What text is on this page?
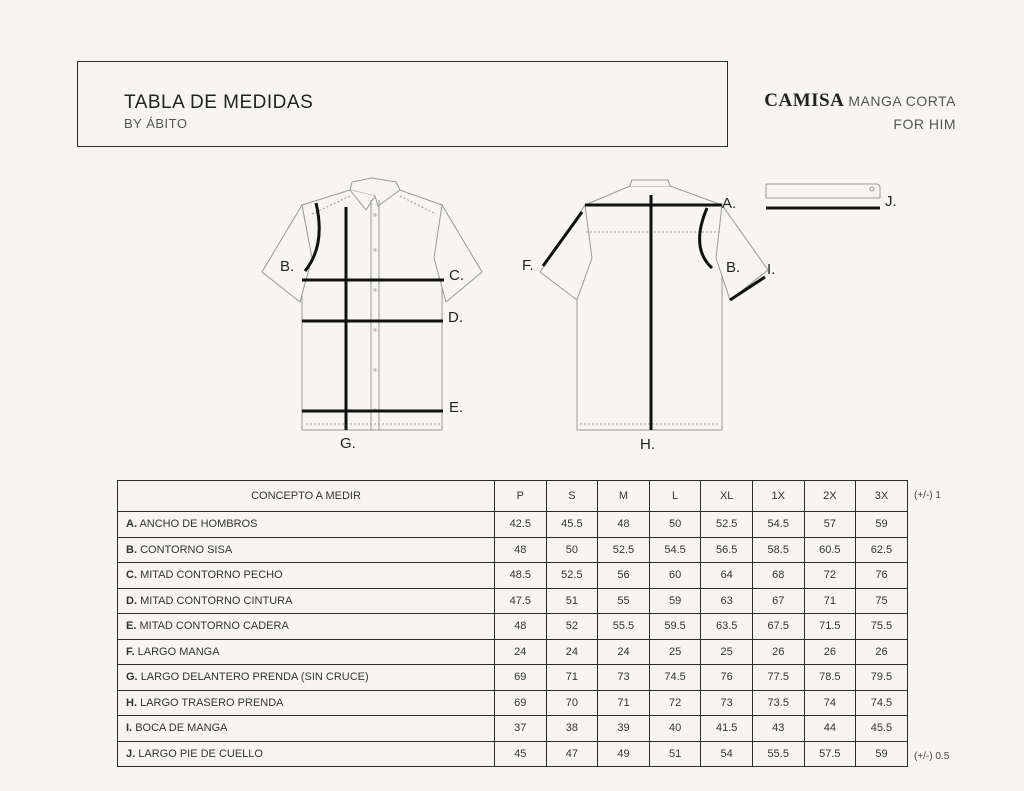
TABLA DE MEDIDAS
BY ÁBITO
CAMISA MANGA CORTA
FOR HIM
B.
C.
D.
E.
G.
A.
F.	B. I.
H.
J.
CONCEPTO A MEDIR	P	S	M	L	XL	1X	2X	3X
A. ANCHO DE HOMBROS	42.5	45.5	48	50	52.5	54.5	57	59
B. CONTORNO SISA	48	50	52.5	54.5	56.5	58.5	60.5	62.5
C. MITAD CONTORNO PECHO	48.5	52.5	56	60	64	68	72	76
D. MITAD CONTORNO CINTURA	47.5	51	55	59	63	67	71	75
E. MITAD CONTORNO CADERA	48	52	55.5	59.5	63.5	67.5	71.5	75.5
F. LARGO MANGA	24	24	24	25	25	26	26	26
G. LARGO DELANTERO PRENDA (SIN CRUCE)	69	71	73	74.5	76	77.5	78.5	79.5
H. LARGO TRASERO PRENDA	69	70	71	72	73	73.5	74	74.5
I. BOCA DE MANGA	37	38	39	40	41.5	43	44	45.5
J. LARGO PIE DE CUELLO	45	47	49	51	54	55.5	57.5	59
(+/-) 1
(+/-) 0.5
